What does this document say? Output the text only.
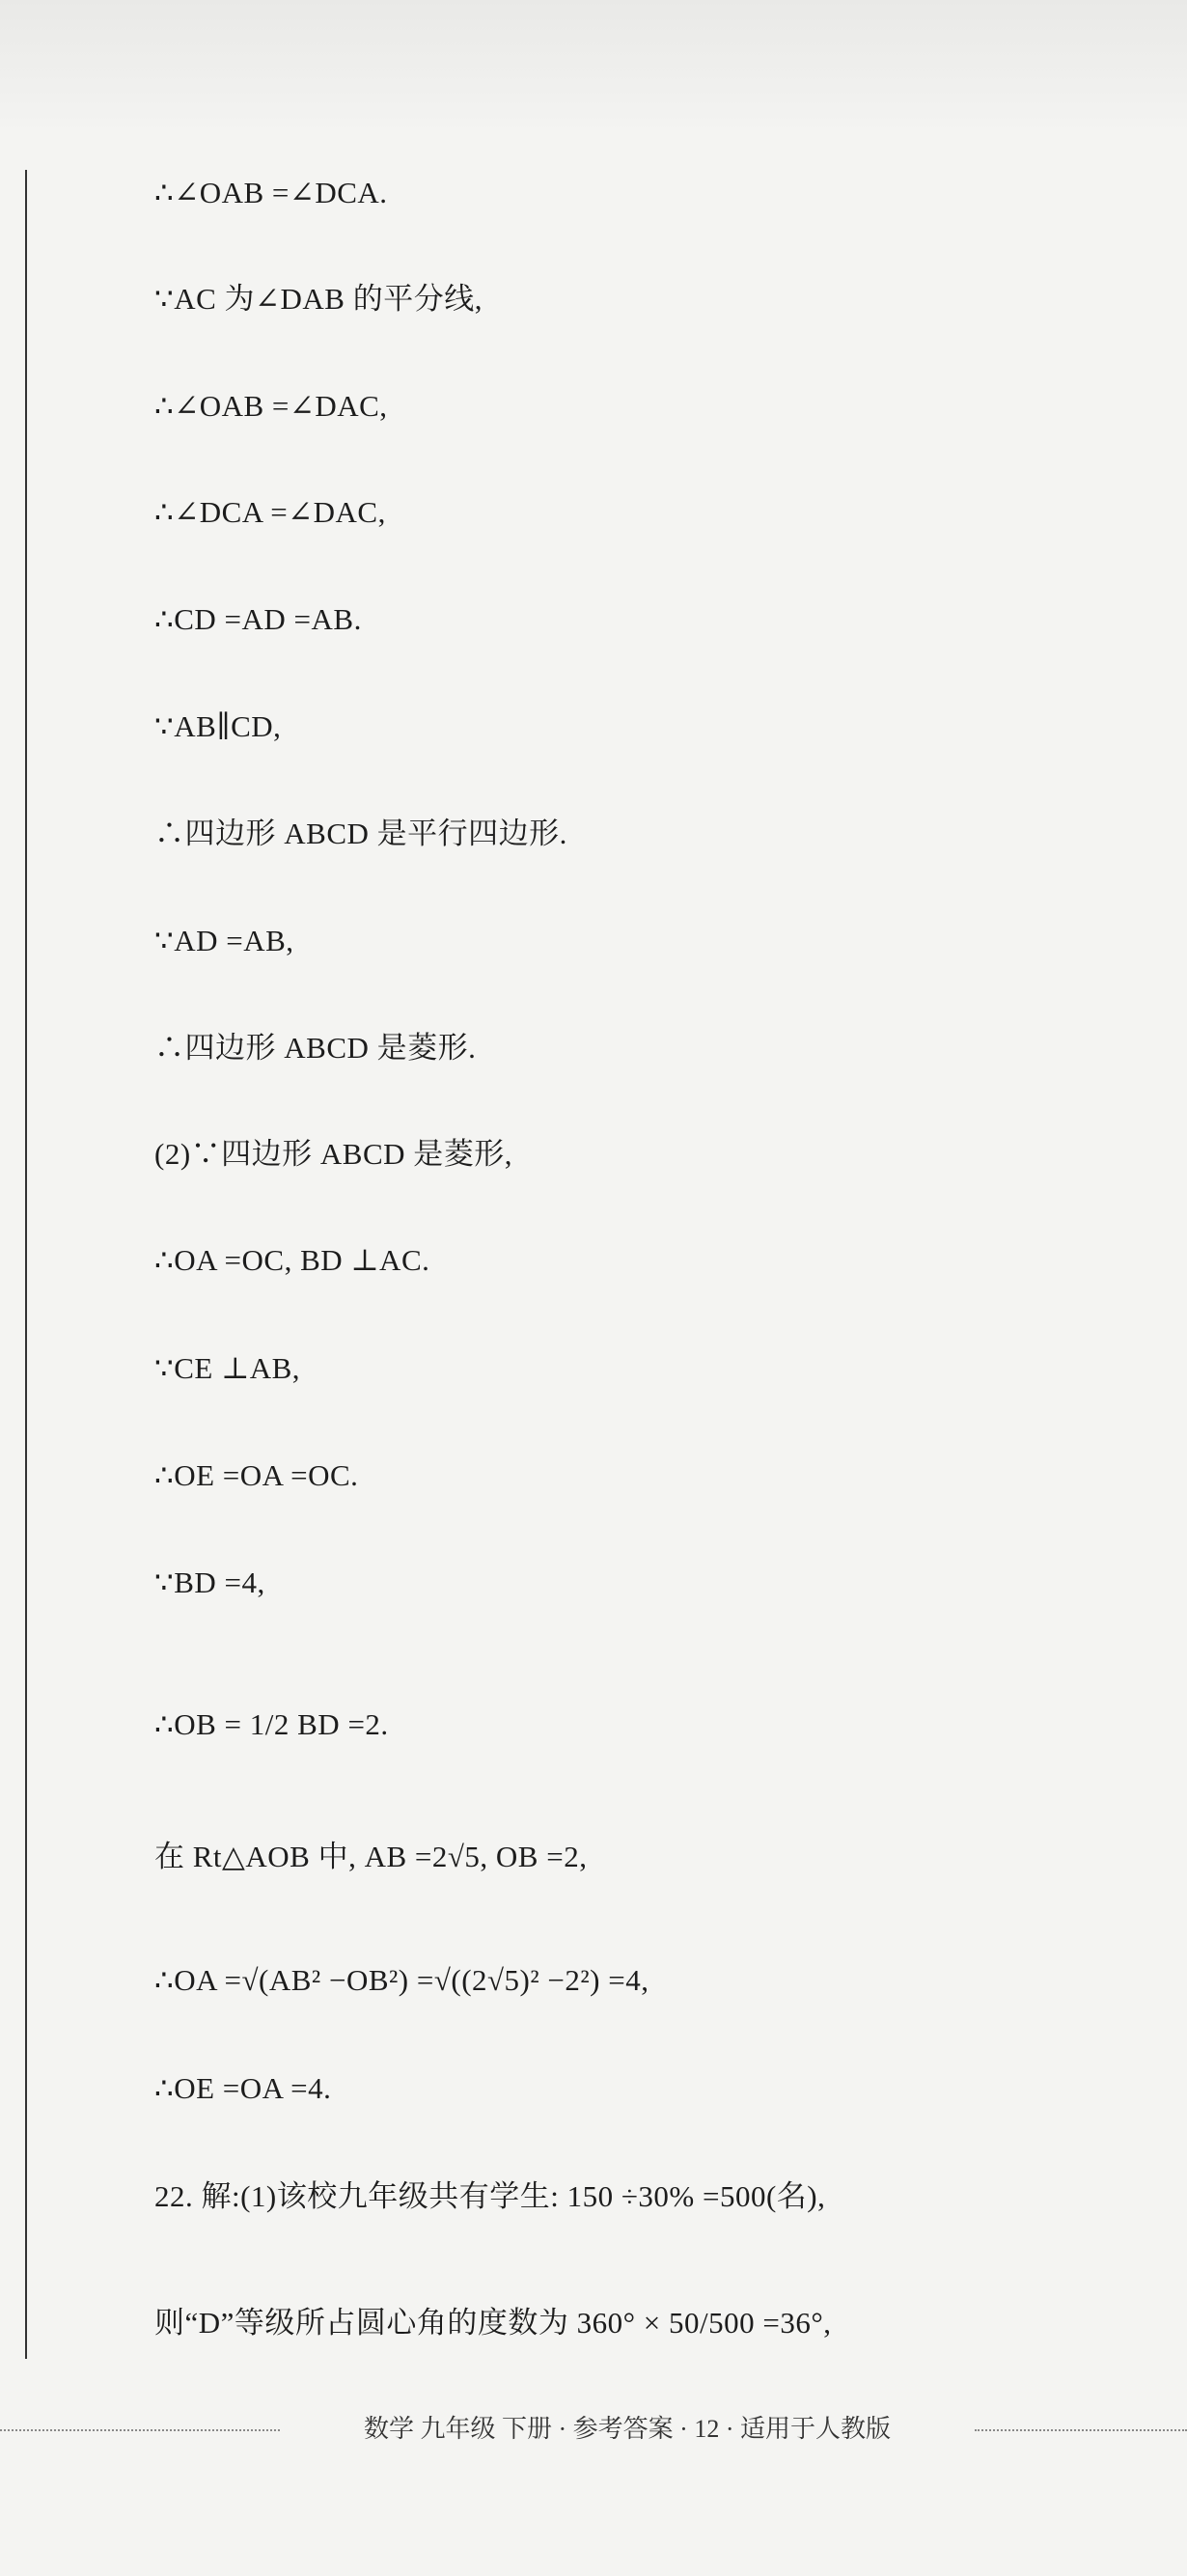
∴∠OAB =∠DCA.
∵AC 为∠DAB 的平分线,
∴∠OAB =∠DAC,
∴∠DCA =∠DAC,
∴CD =AD =AB.
∵AB∥CD,
∴四边形 ABCD 是平行四边形.
∵AD =AB,
∴四边形 ABCD 是菱形.
(2)∵四边形 ABCD 是菱形,
∴OA =OC, BD ⊥AC.
∵CE ⊥AB,
∴OE =OA =OC.
∵BD =4,
∴OB = 1/2 BD =2.
在 Rt△AOB 中, AB =2√5, OB =2,
∴OA =√(AB² −OB²) =√((2√5)² −2²) =4,
∴OE =OA =4.
22. 解:(1)该校九年级共有学生: 150 ÷30% =500(名),
则“D”等级所占圆心角的度数为 360° × 50/500 =36°,
数学 九年级 下册 · 参考答案 · 12 · 适用于人教版
